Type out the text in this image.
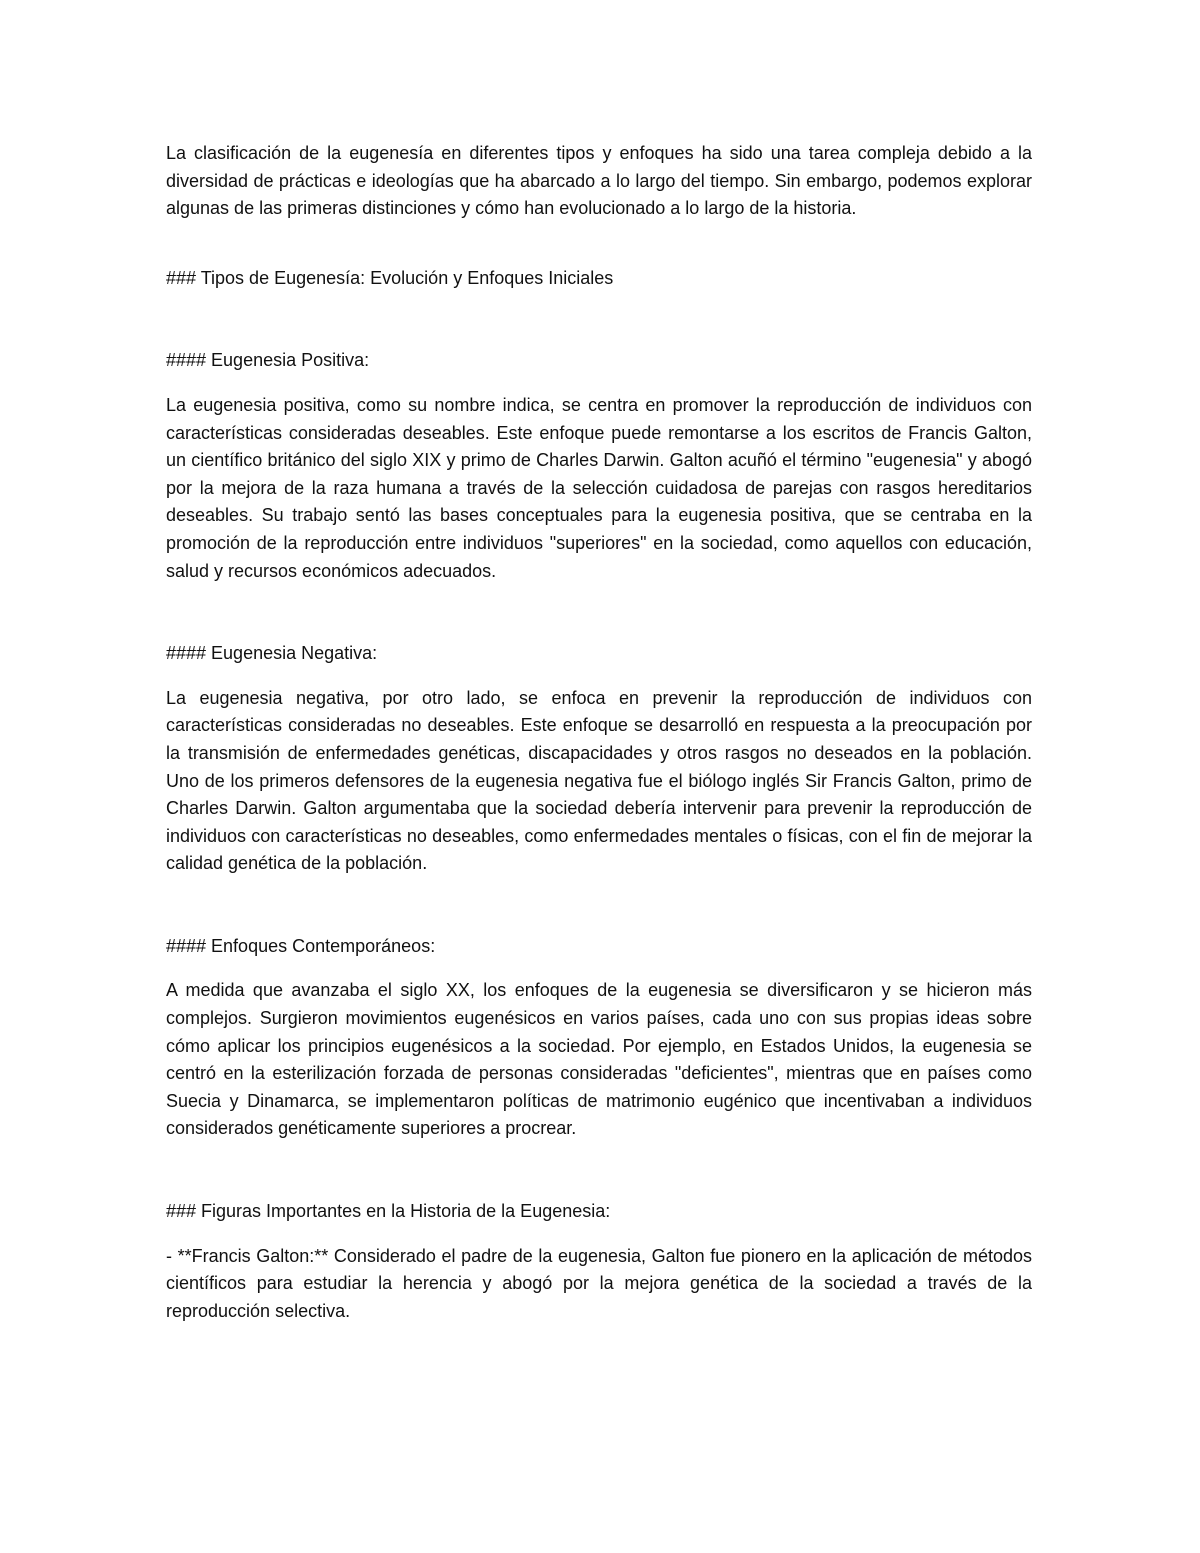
La clasificación de la eugenesía en diferentes tipos y enfoques ha sido una tarea compleja debido a la diversidad de prácticas e ideologías que ha abarcado a lo largo del tiempo. Sin embargo, podemos explorar algunas de las primeras distinciones y cómo han evolucionado a lo largo de la historia.

### Tipos de Eugenesía: Evolución y Enfoques Iniciales

#### Eugenesia Positiva:

La eugenesia positiva, como su nombre indica, se centra en promover la reproducción de individuos con características consideradas deseables. Este enfoque puede remontarse a los escritos de Francis Galton, un científico británico del siglo XIX y primo de Charles Darwin. Galton acuñó el término "eugenesia" y abogó por la mejora de la raza humana a través de la selección cuidadosa de parejas con rasgos hereditarios deseables. Su trabajo sentó las bases conceptuales para la eugenesia positiva, que se centraba en la promoción de la reproducción entre individuos "superiores" en la sociedad, como aquellos con educación, salud y recursos económicos adecuados.

#### Eugenesia Negativa:

La eugenesia negativa, por otro lado, se enfoca en prevenir la reproducción de individuos con características consideradas no deseables. Este enfoque se desarrolló en respuesta a la preocupación por la transmisión de enfermedades genéticas, discapacidades y otros rasgos no deseados en la población. Uno de los primeros defensores de la eugenesia negativa fue el biólogo inglés Sir Francis Galton, primo de Charles Darwin. Galton argumentaba que la sociedad debería intervenir para prevenir la reproducción de individuos con características no deseables, como enfermedades mentales o físicas, con el fin de mejorar la calidad genética de la población.

#### Enfoques Contemporáneos:

A medida que avanzaba el siglo XX, los enfoques de la eugenesia se diversificaron y se hicieron más complejos. Surgieron movimientos eugenésicos en varios países, cada uno con sus propias ideas sobre cómo aplicar los principios eugenésicos a la sociedad. Por ejemplo, en Estados Unidos, la eugenesia se centró en la esterilización forzada de personas consideradas "deficientes", mientras que en países como Suecia y Dinamarca, se implementaron políticas de matrimonio eugénico que incentivaban a individuos considerados genéticamente superiores a procrear.

### Figuras Importantes en la Historia de la Eugenesia:

- **Francis Galton:** Considerado el padre de la eugenesia, Galton fue pionero en la aplicación de métodos científicos para estudiar la herencia y abogó por la mejora genética de la sociedad a través de la reproducción selectiva.
